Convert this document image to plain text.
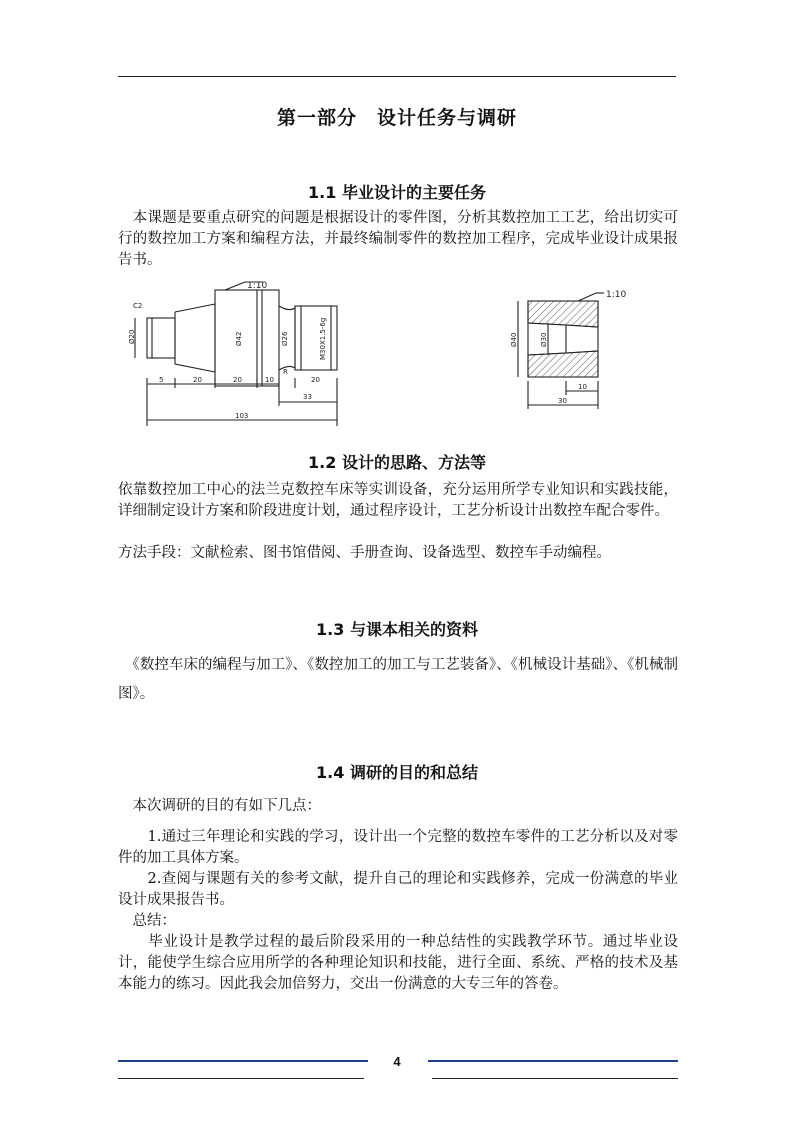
第一部分　设计任务与调研
1.1 毕业设计的主要任务
　本课题是要重点研究的问题是根据设计的零件图，分析其数控加工工艺，给出切实可行的数控加工方案和编程方法，并最终编制零件的数控加工程序，完成毕业设计成果报告书。
1:10
5	20	20	10	20
33
103
C2
R
Ø20	Ø42	Ø26	M30X1.5-6g
1:10
Ø40	Ø30
10
30
1.2 设计的思路、方法等
依靠数控加工中心的法兰克数控车床等实训设备，充分运用所学专业知识和实践技能，详细制定设计方案和阶段进度计划，通过程序设计，工艺分析设计出数控车配合零件。
方法手段：文献检索、图书馆借阅、手册查询、设备选型、数控车手动编程。
1.3 与课本相关的资料
　《数控车床的编程与加工》、《数控加工的加工与工艺装备》、《机械设计基础》、《机械制图》。
1.4 调研的目的和总结
　本次调研的目的有如下几点：
　　1.通过三年理论和实践的学习，设计出一个完整的数控车零件的工艺分析以及对零件的加工具体方案。
　　2.查阅与课题有关的参考文献，提升自己的理论和实践修养，完成一份满意的毕业设计成果报告书。
　总结：
　　毕业设计是教学过程的最后阶段采用的一种总结性的实践教学环节。通过毕业设计，能使学生综合应用所学的各种理论知识和技能，进行全面、系统、严格的技术及基本能力的练习。因此我会加倍努力，交出一份满意的大专三年的答卷。
4
